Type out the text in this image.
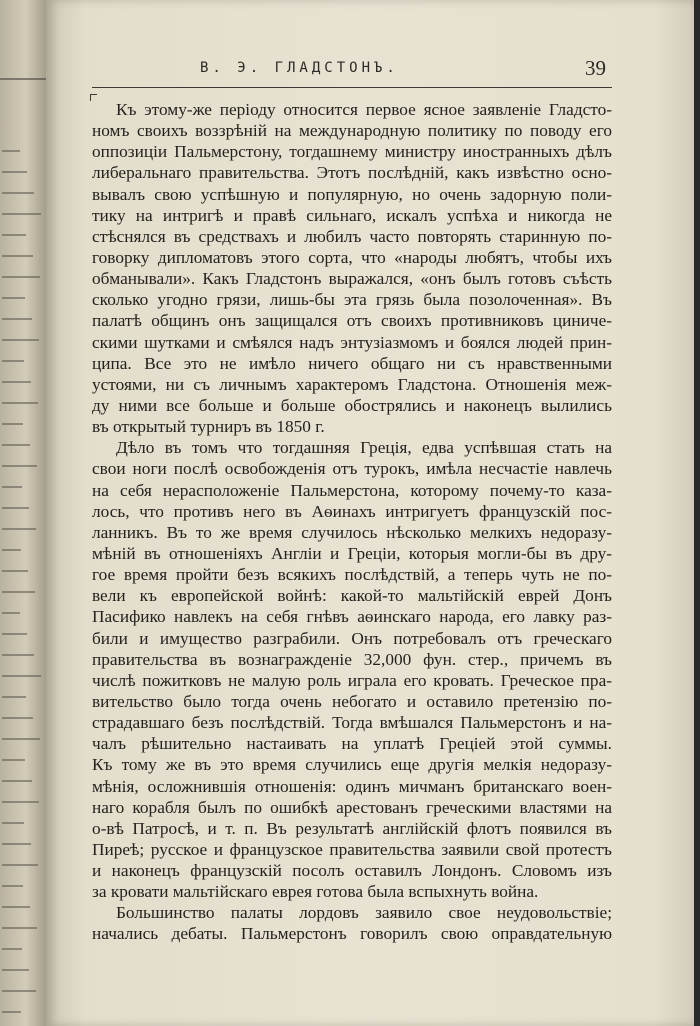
В. Э. ГЛАДСТОНЪ.	39
Къ этому-же періоду относится первое ясное заявленіе Гладсто-
номъ своихъ воззрѣній на международную политику по поводу его
оппозиціи Пальмерстону, тогдашнему министру иностранныхъ дѣлъ
либеральнаго правительства. Этотъ послѣдній, какъ извѣстно осно-
вывалъ свою успѣшную и популярную, но очень задорную поли-
тику на интригѣ и правѣ сильнаго, искалъ успѣха и никогда не
стѣснялся въ средствахъ и любилъ часто повторять старинную по-
говорку дипломатовъ этого сорта, что «народы любятъ, чтобы ихъ
обманывали». Какъ Гладстонъ выражался, «онъ былъ готовъ съѣсть
сколько угодно грязи, лишь-бы эта грязь была позолоченная». Въ
палатѣ общинъ онъ защищался отъ своихъ противниковъ циниче-
скими шутками и смѣялся надъ энтузіазмомъ и боялся людей прин-
ципа. Все это не имѣло ничего общаго ни съ нравственными
устоями, ни съ личнымъ характеромъ Гладстона. Отношенія меж-
ду ними все больше и больше обострялись и наконецъ вылились
въ открытый турниръ въ 1850 г.
Дѣло въ томъ что тогдашняя Греція, едва успѣвшая стать на
свои ноги послѣ освобожденія отъ турокъ, имѣла несчастіе навлечь
на себя нерасположеніе Пальмерстона, которому почему-то каза-
лось, что противъ него въ Аѳинахъ интригуетъ французскій пос-
ланникъ. Въ то же время случилось нѣсколько мелкихъ недоразу-
мѣній въ отношеніяхъ Англіи и Греціи, которыя могли-бы въ дру-
гое время пройти безъ всякихъ послѣдствій, а теперь чуть не по-
вели къ европейской войнѣ: какой-то мальтійскій еврей Донъ
Пасифико навлекъ на себя гнѣвъ аѳинскаго народа, его лавку раз-
били и имущество разграбили. Онъ потребовалъ отъ греческаго
правительства въ вознагражденіе 32,000 фун. стер., причемъ въ
числѣ пожитковъ не малую роль играла его кровать. Греческое пра-
вительство было тогда очень небогато и оставило претензію по-
страдавшаго безъ послѣдствій. Тогда вмѣшался Пальмерстонъ и на-
чалъ рѣшительно настаивать на уплатѣ Греціей этой суммы.
Къ тому же въ это время случились еще другія мелкія недоразу-
мѣнія, осложнившія отношенія: одинъ мичманъ британскаго воен-
наго корабля былъ по ошибкѣ арестованъ греческими властями на
о-вѣ Патросѣ, и т. п. Въ результатѣ англійскій флотъ появился въ
Пиреѣ; русское и французское правительства заявили свой протестъ
и наконецъ французскій посолъ оставилъ Лондонъ. Словомъ изъ
за кровати мальтійскаго еврея готова была вспыхнуть война.
Большинство палаты лордовъ заявило свое неудовольствіе;
начались дебаты. Пальмерстонъ говорилъ свою оправдательную
